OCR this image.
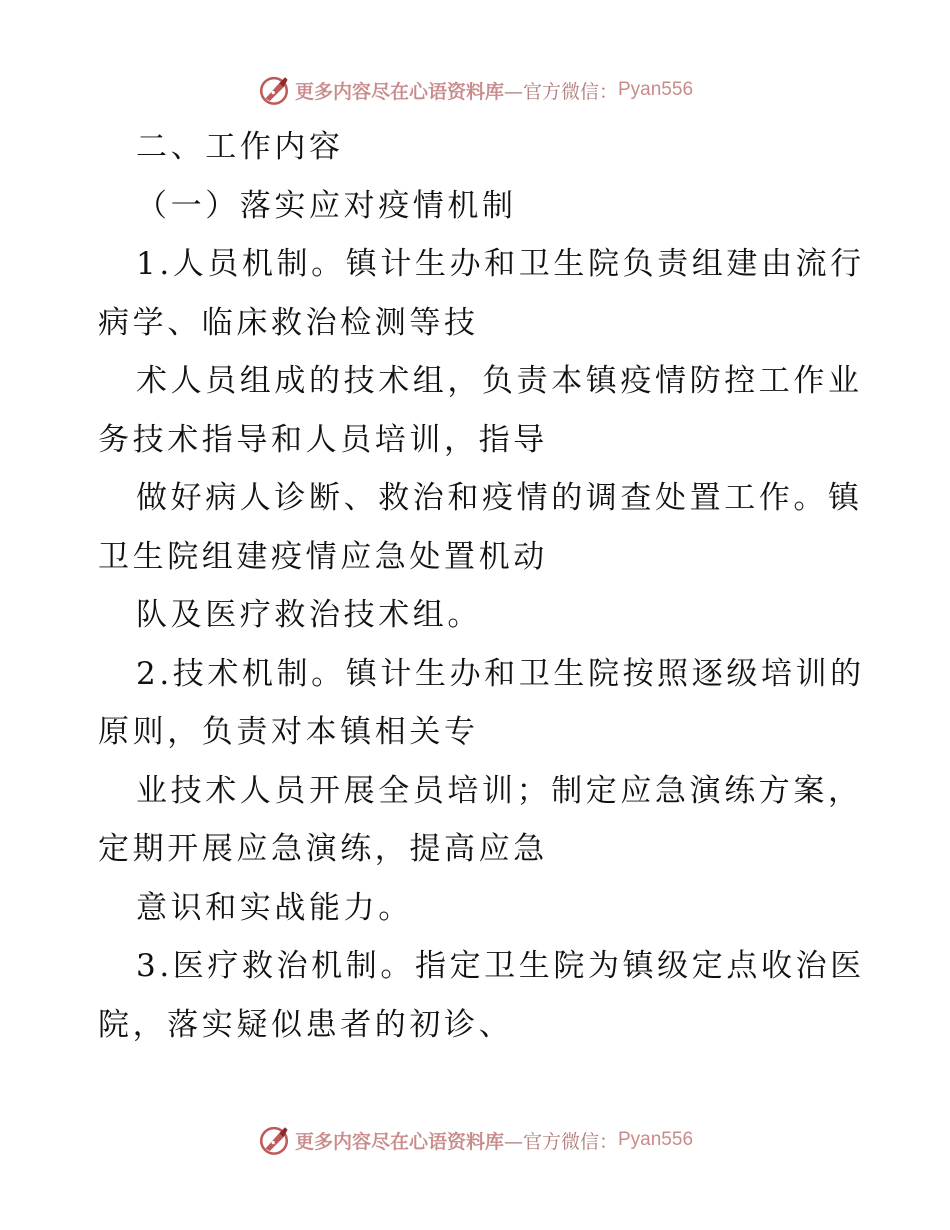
更多内容尽在心语资料库 —官方微信： Pyan556
二、工作内容
（一）落实应对疫情机制
1.人员机制。镇计生办和卫生院负责组建由流行
病学、临床救治检测等技
术人员组成的技术组，负责本镇疫情防控工作业
务技术指导和人员培训，指导
做好病人诊断、救治和疫情的调查处置工作。镇
卫生院组建疫情应急处置机动
队及医疗救治技术组。
2.技术机制。镇计生办和卫生院按照逐级培训的
原则，负责对本镇相关专
业技术人员开展全员培训；制定应急演练方案，
定期开展应急演练，提高应急
意识和实战能力。
3.医疗救治机制。指定卫生院为镇级定点收治医
院，落实疑似患者的初诊、
更多内容尽在心语资料库 —官方微信： Pyan556
